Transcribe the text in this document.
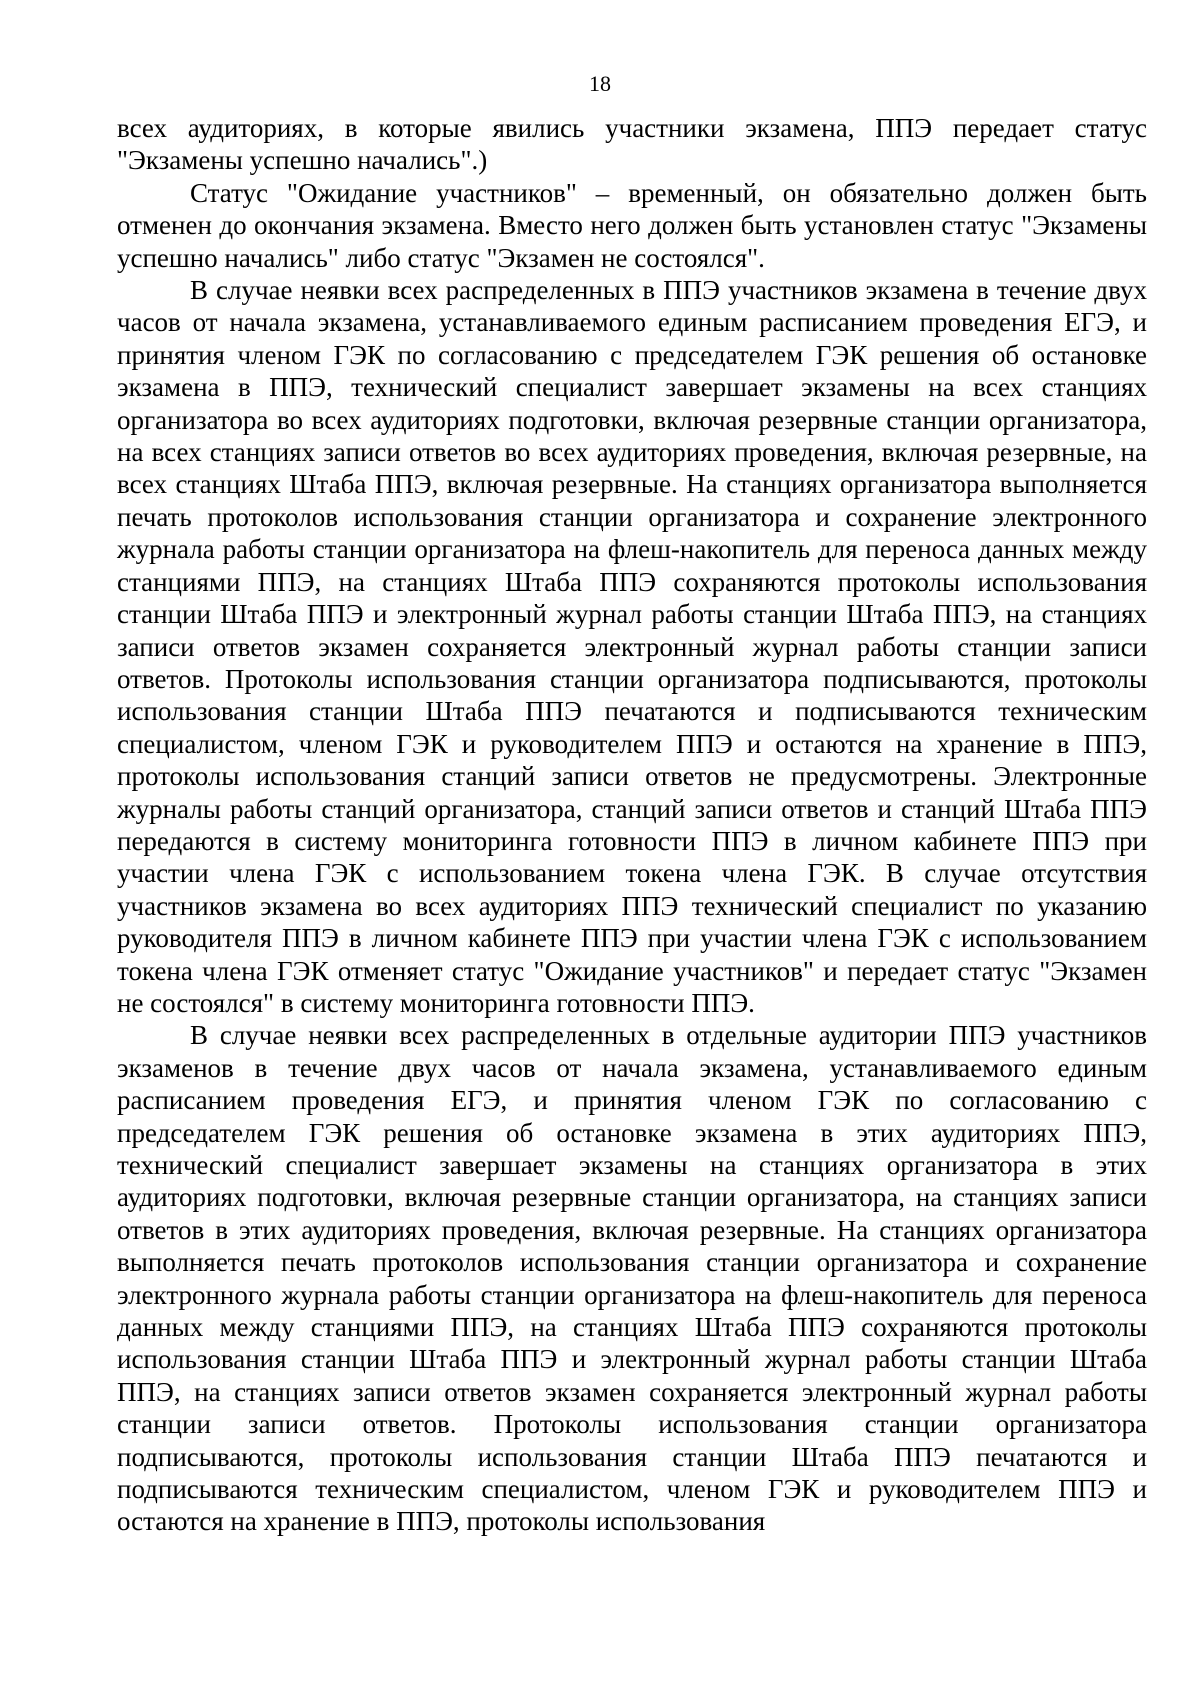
18

всех аудиториях, в которые явились участники экзамена, ППЭ передает статус "Экзамены успешно начались".)

Статус "Ожидание участников" – временный, он обязательно должен быть отменен до окончания экзамена. Вместо него должен быть установлен статус "Экзамены успешно начались" либо статус "Экзамен не состоялся".

В случае неявки всех распределенных в ППЭ участников экзамена в течение двух часов от начала экзамена, устанавливаемого единым расписанием проведения ЕГЭ, и принятия членом ГЭК по согласованию с председателем ГЭК решения об остановке экзамена в ППЭ, технический специалист завершает экзамены на всех станциях организатора во всех аудиториях подготовки, включая резервные станции организатора, на всех станциях записи ответов во всех аудиториях проведения, включая резервные, на всех станциях Штаба ППЭ, включая резервные. На станциях организатора выполняется печать протоколов использования станции организатора и сохранение электронного журнала работы станции организатора на флеш-накопитель для переноса данных между станциями ППЭ, на станциях Штаба ППЭ сохраняются протоколы использования станции Штаба ППЭ и электронный журнал работы станции Штаба ППЭ, на станциях записи ответов экзамен сохраняется электронный журнал работы станции записи ответов. Протоколы использования станции организатора подписываются, протоколы использования станции Штаба ППЭ печатаются и подписываются техническим специалистом, членом ГЭК и руководителем ППЭ и остаются на хранение в ППЭ, протоколы использования станций записи ответов не предусмотрены. Электронные журналы работы станций организатора, станций записи ответов и станций Штаба ППЭ передаются в систему мониторинга готовности ППЭ в личном кабинете ППЭ при участии члена ГЭК с использованием токена члена ГЭК. В случае отсутствия участников экзамена во всех аудиториях ППЭ технический специалист по указанию руководителя ППЭ в личном кабинете ППЭ при участии члена ГЭК с использованием токена члена ГЭК отменяет статус "Ожидание участников" и передает статус "Экзамен не состоялся" в систему мониторинга готовности ППЭ.

В случае неявки всех распределенных в отдельные аудитории ППЭ участников экзаменов в течение двух часов от начала экзамена, устанавливаемого единым расписанием проведения ЕГЭ, и принятия членом ГЭК по согласованию с председателем ГЭК решения об остановке экзамена в этих аудиториях ППЭ, технический специалист завершает экзамены на станциях организатора в этих аудиториях подготовки, включая резервные станции организатора, на станциях записи ответов в этих аудиториях проведения, включая резервные. На станциях организатора выполняется печать протоколов использования станции организатора и сохранение электронного журнала работы станции организатора на флеш-накопитель для переноса данных между станциями ППЭ, на станциях Штаба ППЭ сохраняются протоколы использования станции Штаба ППЭ и электронный журнал работы станции Штаба ППЭ, на станциях записи ответов экзамен сохраняется электронный журнал работы станции записи ответов. Протоколы использования станции организатора подписываются, протоколы использования станции Штаба ППЭ печатаются и подписываются техническим специалистом, членом ГЭК и руководителем ППЭ и остаются на хранение в ППЭ, протоколы использования
